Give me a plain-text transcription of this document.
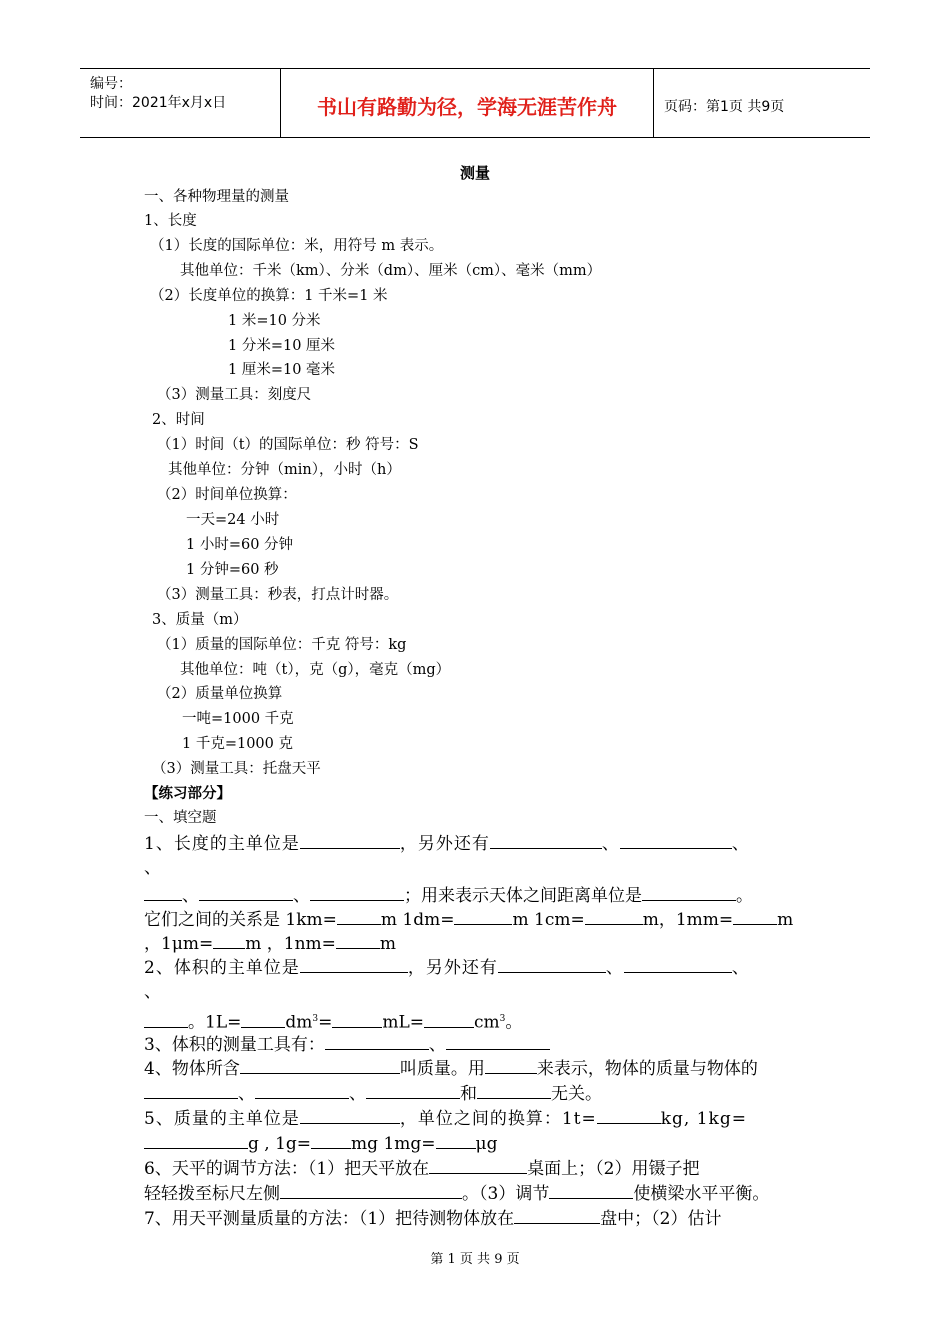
编号：
时间：2021年x月x日	书山有路勤为径，学海无涯苦作舟	页码：第1页 共9页
测量
一、各种物理量的测量
1、长度
（1）长度的国际单位：米，用符号 m 表示。
其他单位：千米（km）、分米（dm）、厘米（cm）、毫米（mm）
（2）长度单位的换算：1 千米=1 米
1 米=10 分米
1 分米=10 厘米
1 厘米=10 毫米
（3）测量工具：刻度尺
2、时间
（1）时间（t）的国际单位：秒 符号：S
其他单位：分钟（min），小时（h）
（2）时间单位换算：
一天=24 小时
1 小时=60 分钟
1 分钟=60 秒
（3）测量工具：秒表，打点计时器。
3、质量（m）
（1）质量的国际单位：千克 符号：kg
其他单位：吨（t），克（g），毫克（mg）
（2）质量单位换算
一吨=1000 千克
1 千克=1000 克
（3）测量工具：托盘天平
【练习部分】
一、填空题
1、长度的主单位是	，另外还有	、	、
、
、	、	；用来表示天体之间距离单位是	。
它们之间的关系是 1km=	m 1dm=	m 1cm=	m，1mm=	m
，1μm= m ，1nm=	m
2、体积的主单位是	，另外还有	、	、
、
。1L=	$dm^3=$	mL=	$cm^3$。
3、体积的测量工具有：	、
4、物体所含	叫质量。用	来表示，物体的质量与物体的
、	、	和	无关。
5、质量的主单位是	，单位之间的换算：1t=	kg, 1kg=
g , 1g= mg 1mg= μg
6、天平的调节方法：（1）把天平放在	桌面上；（2）用镊子把
轻轻拨至标尺左侧	。（3）调节	使横梁水平平衡。
7、用天平测量质量的方法：（1）把待测物体放在	盘中；（2）估计
第 1 页 共 9 页
